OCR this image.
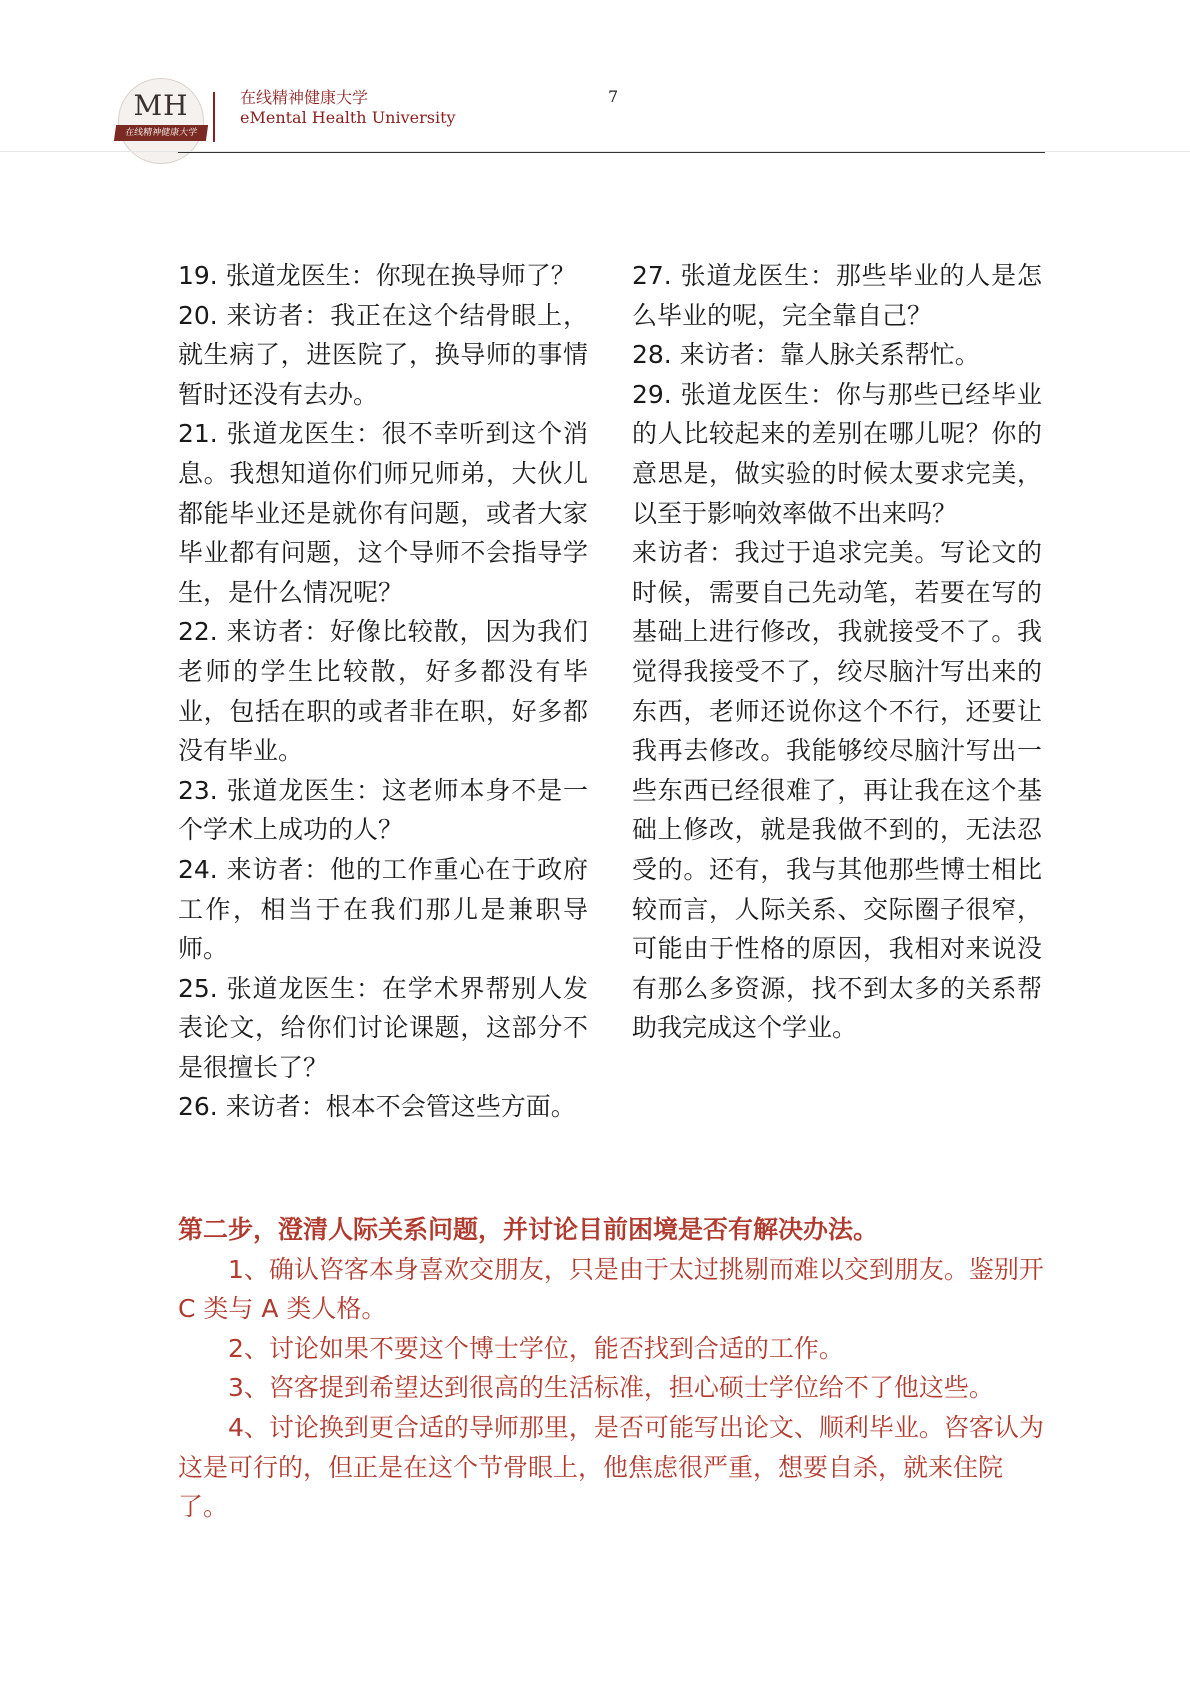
MH
在线精神健康大学
在线精神健康大学
eMental Health University
7

19. 张道龙医生：你现在换导师了？

20. 来访者：我正在这个结骨眼上，就生病了，进医院了，换导师的事情暂时还没有去办。

21. 张道龙医生：很不幸听到这个消息。我想知道你们师兄师弟，大伙儿都能毕业还是就你有问题，或者大家毕业都有问题，这个导师不会指导学生，是什么情况呢？

22. 来访者：好像比较散，因为我们老师的学生比较散，好多都没有毕业，包括在职的或者非在职，好多都没有毕业。

23. 张道龙医生：这老师本身不是一个学术上成功的人？

24. 来访者：他的工作重心在于政府工作，相当于在我们那儿是兼职导师。

25. 张道龙医生：在学术界帮别人发表论文，给你们讨论课题，这部分不是很擅长了？

26. 来访者：根本不会管这些方面。

27. 张道龙医生：那些毕业的人是怎么毕业的呢，完全靠自己？

28. 来访者：靠人脉关系帮忙。

29. 张道龙医生：你与那些已经毕业的人比较起来的差别在哪儿呢？你的意思是，做实验的时候太要求完美，以至于影响效率做不出来吗？

来访者：我过于追求完美。写论文的时候，需要自己先动笔，若要在写的基础上进行修改，我就接受不了。我觉得我接受不了，绞尽脑汁写出来的东西，老师还说你这个不行，还要让我再去修改。我能够绞尽脑汁写出一些东西已经很难了，再让我在这个基础上修改，就是我做不到的，无法忍受的。还有，我与其他那些博士相比较而言，人际关系、交际圈子很窄，可能由于性格的原因，我相对来说没有那么多资源，找不到太多的关系帮助我完成这个学业。

第二步，澄清人际关系问题，并讨论目前困境是否有解决办法。

1、确认咨客本身喜欢交朋友，只是由于太过挑剔而难以交到朋友。鉴别开 C 类与 A 类人格。

2、讨论如果不要这个博士学位，能否找到合适的工作。

3、咨客提到希望达到很高的生活标准，担心硕士学位给不了他这些。

4、讨论换到更合适的导师那里，是否可能写出论文、顺利毕业。咨客认为这是可行的，但正是在这个节骨眼上，他焦虑很严重，想要自杀，就来住院了。
